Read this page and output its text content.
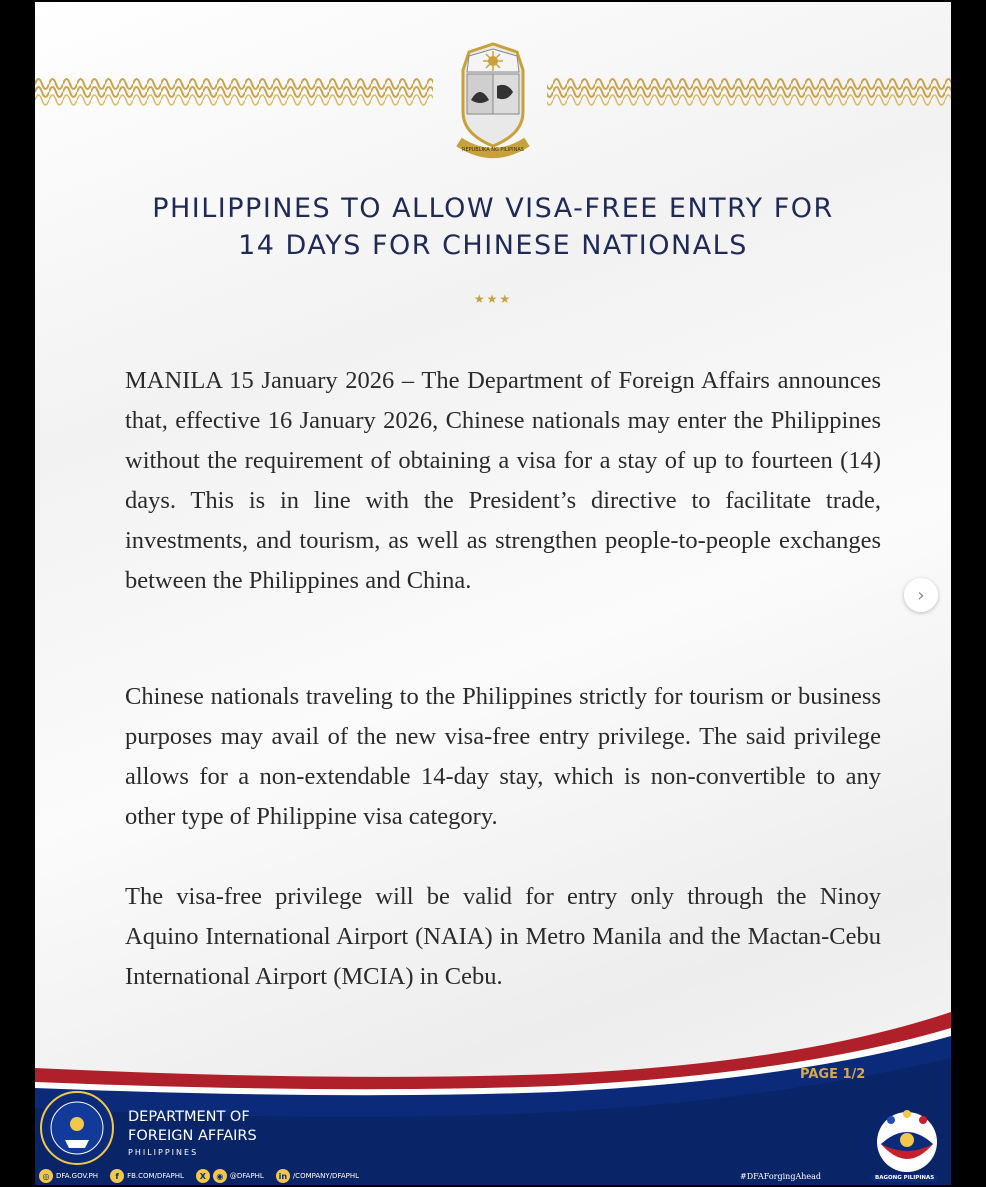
REPUBLIKA NG PILIPINAS
PHILIPPINES TO ALLOW VISA-FREE ENTRY FOR
14 DAYS FOR CHINESE NATIONALS
★★★

MANILA 15 January 2026 – The Department of Foreign Affairs announces that, effective 16 January 2026, Chinese nationals may enter the Philippines without the requirement of obtaining a visa for a stay of up to fourteen (14) days. This is in line with the President’s directive to facilitate trade, investments, and tourism, as well as strengthen people-to-people exchanges between the Philippines and China.

Chinese nationals traveling to the Philippines strictly for tourism or business purposes may avail of the new visa-free entry privilege. The said privilege allows for a non-extendable 14-day stay, which is non-convertible to any other type of Philippine visa category.

The visa-free privilege will be valid for entry only through the Ninoy Aquino International Airport (NAIA) in Metro Manila and the Mactan-Cebu International Airport (MCIA) in Cebu.

PAGE 1/2
DEPARTMENT OF
FOREIGN AFFAIRS
PHILIPPINES
◎ DFA.GOV.PH	f	FB.COM/DFAPHL	X	◉ @DFAPHL	in /COMPANY/DFAPHL	#DFAForgingAhead	BAGONG PILIPINAS
›
